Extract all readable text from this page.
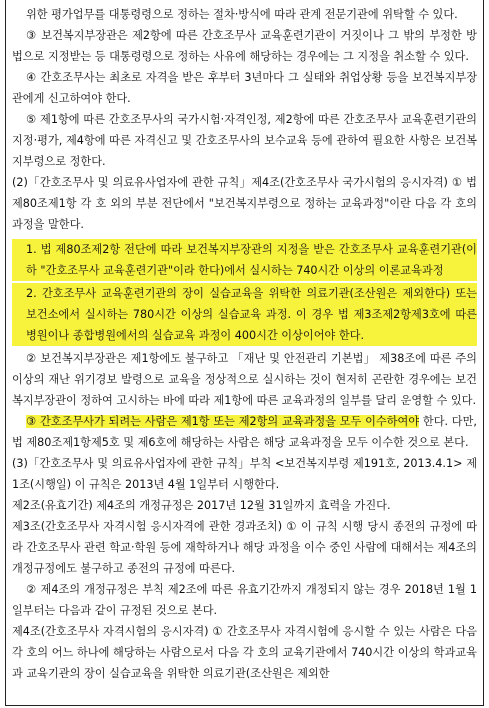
위한 평가업무를 대통령령으로 정하는 절차·방식에 따라 관계 전문기관에 위탁할 수 있다.

③ 보건복지부장관은 제2항에 따른 간호조무사 교육훈련기관이 거짓이나 그 밖의 부정한 방법으로 지정받는 등 대통령령으로 정하는 사유에 해당하는 경우에는 그 지정을 취소할 수 있다.

④ 간호조무사는 최초로 자격을 받은 후부터 3년마다 그 실태와 취업상황 등을 보건복지부장관에게 신고하여야 한다.

⑤ 제1항에 따른 간호조무사의 국가시험·자격인정, 제2항에 따른 간호조무사 교육훈련기관의 지정·평가, 제4항에 따른 자격신고 및 간호조무사의 보수교육 등에 관하여 필요한 사항은 보건복지부령으로 정한다.

(2)「간호조무사 및 의료유사업자에 관한 규칙」제4조(간호조무사 국가시험의 응시자격) ① 법 제80조제1항 각 호 외의 부분 전단에서 "보건복지부령으로 정하는 교육과정"이란 다음 각 호의 과정을 말한다.

1. 법 제80조제2항 전단에 따라 보건복지부장관의 지정을 받은 간호조무사 교육훈련기관(이하 "간호조무사 교육훈련기관"이라 한다)에서 실시하는 740시간 이상의 이론교육과정

2. 간호조무사 교육훈련기관의 장이 실습교육을 위탁한 의료기관(조산원은 제외한다) 또는 보건소에서 실시하는 780시간 이상의 실습교육 과정. 이 경우 법 제3조제2항제3호에 따른 병원이나 종합병원에서의 실습교육 과정이 400시간 이상이어야 한다.

② 보건복지부장관은 제1항에도 불구하고 「재난 및 안전관리 기본법」 제38조에 따른 주의 이상의 재난 위기경보 발령으로 교육을 정상적으로 실시하는 것이 현저히 곤란한 경우에는 보건복지부장관이 정하여 고시하는 바에 따라 제1항에 따른 교육과정의 일부를 달리 운영할 수 있다.

③ 간호조무사가 되려는 사람은 제1항 또는 제2항의 교육과정을 모두 이수하여야 한다. 다만, 법 제80조제1항제5호 및 제6호에 해당하는 사람은 해당 교육과정을 모두 이수한 것으로 본다.

(3)「간호조무사 및 의료유사업자에 관한 규칙」부칙 <보건복지부령 제191호, 2013.4.1> 제1조(시행일) 이 규칙은 2013년 4월 1일부터 시행한다.

제2조(유효기간) 제4조의 개정규정은 2017년 12월 31일까지 효력을 가진다.

제3조(간호조무사 자격시험 응시자격에 관한 경과조치) ① 이 규칙 시행 당시 종전의 규정에 따라 간호조무사 관련 학교·학원 등에 재학하거나 해당 과정을 이수 중인 사람에 대해서는 제4조의 개정규정에도 불구하고 종전의 규정에 따른다.

② 제4조의 개정규정은 부칙 제2조에 따른 유효기간까지 개정되지 않는 경우 2018년 1월 1일부터는 다음과 같이 규정된 것으로 본다.

제4조(간호조무사 자격시험의 응시자격) ① 간호조무사 자격시험에 응시할 수 있는 사람은 다음 각 호의 어느 하나에 해당하는 사람으로서 다음 각 호의 교육기관에서 740시간 이상의 학과교육과 교육기관의 장이 실습교육을 위탁한 의료기관(조산원은 제외한
